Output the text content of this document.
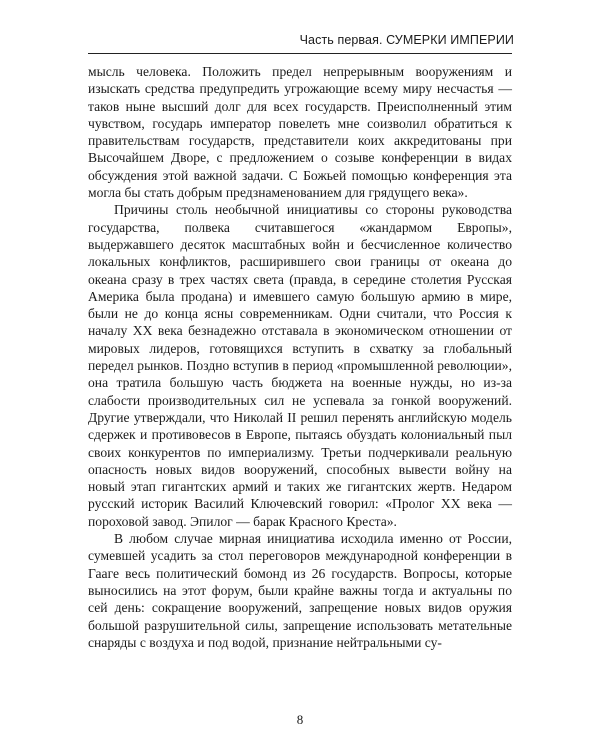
Часть первая. СУМЕРКИ ИМПЕРИИ

мысль человека. Положить предел непрерывным вооружениям и изыскать средства предупредить угрожающие всему миру несчастья — таков ныне высший долг для всех государств. Преисполненный этим чувством, государь император повелеть мне соизволил обратиться к правительствам государств, представители коих аккредитованы при Высочайшем Дворе, с предложением о созыве конференции в видах обсуждения этой важной задачи. С Божьей помощью конференция эта могла бы стать добрым предзнаменованием для грядущего века».

Причины столь необычной инициативы со стороны руководства государства, полвека считавшегося «жандармом Европы», выдержавшего десяток масштабных войн и бесчисленное количество локальных конфликтов, расширившего свои границы от океана до океана сразу в трех частях света (правда, в середине столетия Русская Америка была продана) и имевшего самую большую армию в мире, были не до конца ясны современникам. Одни считали, что Россия к началу XX века безнадежно отставала в экономическом отношении от мировых лидеров, готовящихся вступить в схватку за глобальный передел рынков. Поздно вступив в период «промышленной революции», она тратила большую часть бюджета на военные нужды, но из-за слабости производительных сил не успевала за гонкой вооружений. Другие утверждали, что Николай II решил перенять английскую модель сдержек и противовесов в Европе, пытаясь обуздать колониальный пыл своих конкурентов по империализму. Третьи подчеркивали реальную опасность новых видов вооружений, способных вывести войну на новый этап гигантских армий и таких же гигантских жертв. Недаром русский историк Василий Ключевский говорил: «Пролог XX века — пороховой завод. Эпилог — барак Красного Креста».

В любом случае мирная инициатива исходила именно от России, сумевшей усадить за стол переговоров международной конференции в Гааге весь политический бомонд из 26 государств. Вопросы, которые выносились на этот форум, были крайне важны тогда и актуальны по сей день: сокращение вооружений, запрещение новых видов оружия большой разрушительной силы, запрещение использовать метательные снаряды с воздуха и под водой, признание нейтральными су-

8
